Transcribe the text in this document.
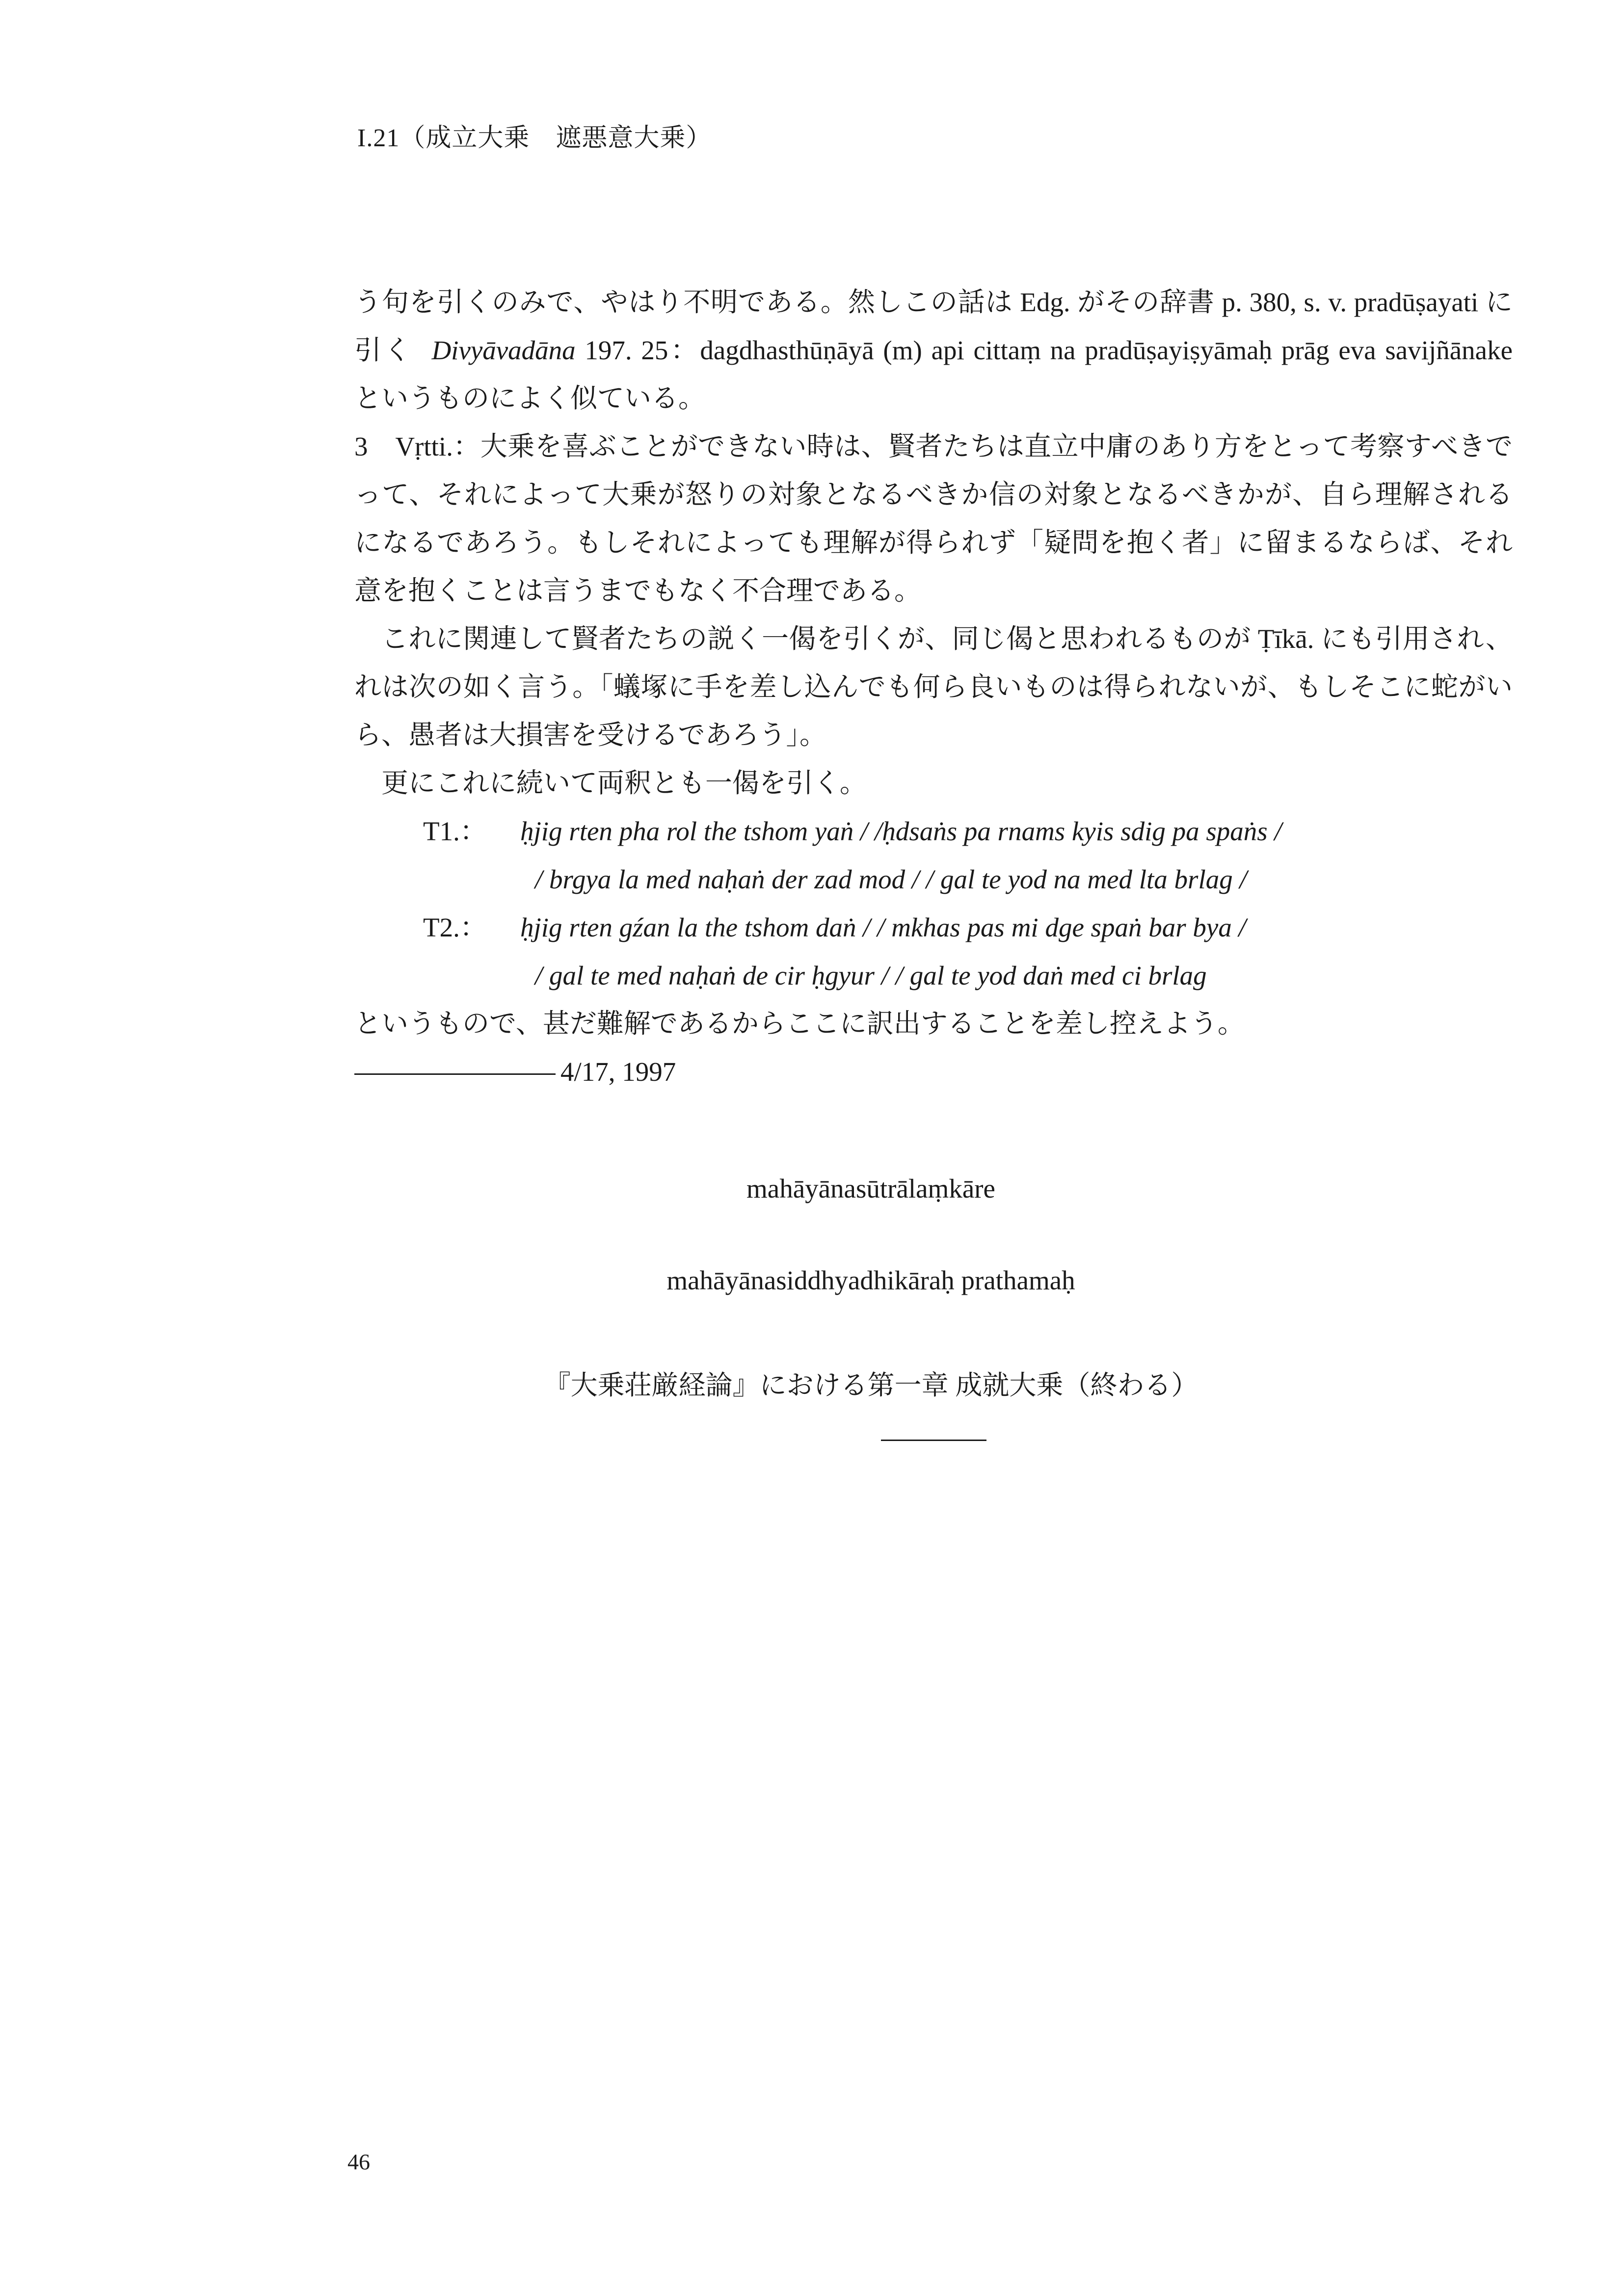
I.21（成立大乗　遮悪意大乗）
う句を引くのみで、やはり不明である。然しこの話は Edg. がその辞書 p. 380, s. v. pradūṣayati に
引く Divyāvadāna 197. 25：dagdhasthūṇāyā (m) api cittaṃ na pradūṣayiṣyāmaḥ prāg eva savijñānake
というものによく似ている。
3　Vṛtti.：大乗を喜ぶことができない時は、賢者たちは直立中庸のあり方をとって考察すべきで
って、それによって大乗が怒りの対象となるべきか信の対象となるべきかが、自ら理解される
になるであろう。もしそれによっても理解が得られず「疑問を抱く者」に留まるならば、それ
意を抱くことは言うまでもなく不合理である。
これに関連して賢者たちの説く一偈を引くが、同じ偈と思われるものが Ṭīkā. にも引用され、
れは次の如く言う。「蟻塚に手を差し込んでも何ら良いものは得られないが、もしそこに蛇がい
ら、愚者は大損害を受けるであろう」。
更にこれに続いて両釈とも一偈を引く。
T1.： ḥjig rten pha rol the tshom yaṅ / /ḥdsaṅs pa rnams kyis sdig pa spaṅs /
/ brgya la med naḥaṅ der zad mod / / gal te yod na med lta brlag /
T2.： ḥjig rten gźan la the tshom daṅ / / mkhas pas mi dge spaṅ bar bya /
/ gal te med naḥaṅ de cir ḥgyur / / gal te yod daṅ med ci brlag
というもので、甚だ難解であるからここに訳出することを差し控えよう。
4/17, 1997
mahāyānasūtrālaṃkāre
mahāyānasiddhyadhikāraḥ prathamaḥ
『大乗荘厳経論』における第一章 成就大乗（終わる）
46
